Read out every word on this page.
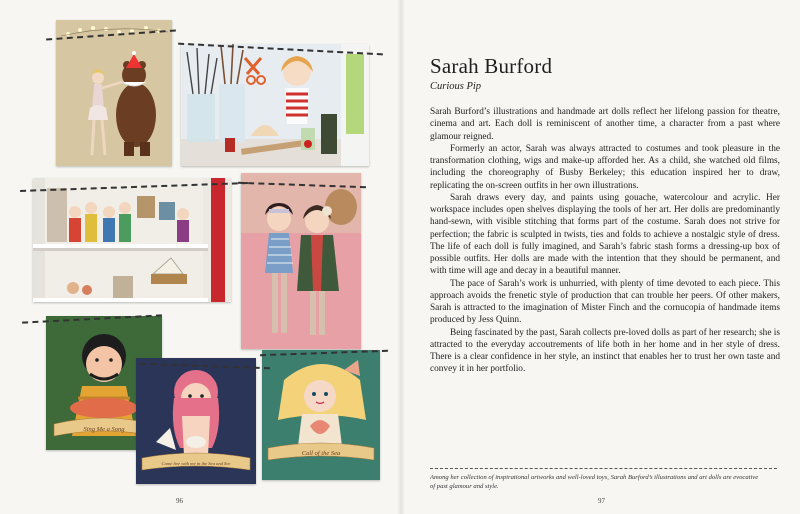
Sing Me a Song
Come live with me in the Sea and See
Call of the Sea
Sarah Burford
Curious Pip

Sarah Burford’s illustrations and handmade art dolls reflect her lifelong passion for theatre, cinema and art. Each doll is reminiscent of another time, a character from a past where glamour reigned.

Formerly an actor, Sarah was always attracted to costumes and took pleasure in the transformation clothing, wigs and make-up afforded her. As a child, she watched old films, including the choreography of Busby Berkeley; this education inspired her to draw, replicating the on-screen outfits in her own illustrations.

Sarah draws every day, and paints using gouache, watercolour and acrylic. Her workspace includes open shelves displaying the tools of her art. Her dolls are predominantly hand-sewn, with visible stitching that forms part of the costume. Sarah does not strive for perfection; the fabric is sculpted in twists, ties and folds to achieve a nostalgic style of dress. The life of each doll is fully imagined, and Sarah’s fabric stash forms a dressing-up box of possible outfits. Her dolls are made with the intention that they should be permanent, and with time will age and decay in a beautiful manner.

The pace of Sarah’s work is unhurried, with plenty of time devoted to each piece. This approach avoids the frenetic style of production that can trouble her peers. Of other makers, Sarah is attracted to the imagination of Mister Finch and the cornucopia of handmade items produced by Jess Quinn.

Being fascinated by the past, Sarah collects pre-loved dolls as part of her research; she is attracted to the everyday accoutrements of life both in her home and in her style of dress. There is a clear confidence in her style, an instinct that enables her to trust her own taste and convey it in her portfolio.

Among her collection of inspirational artworks and well-loved toys, Sarah Burford’s illustrations and art dolls are evocative of past glamour and style.
96	97
